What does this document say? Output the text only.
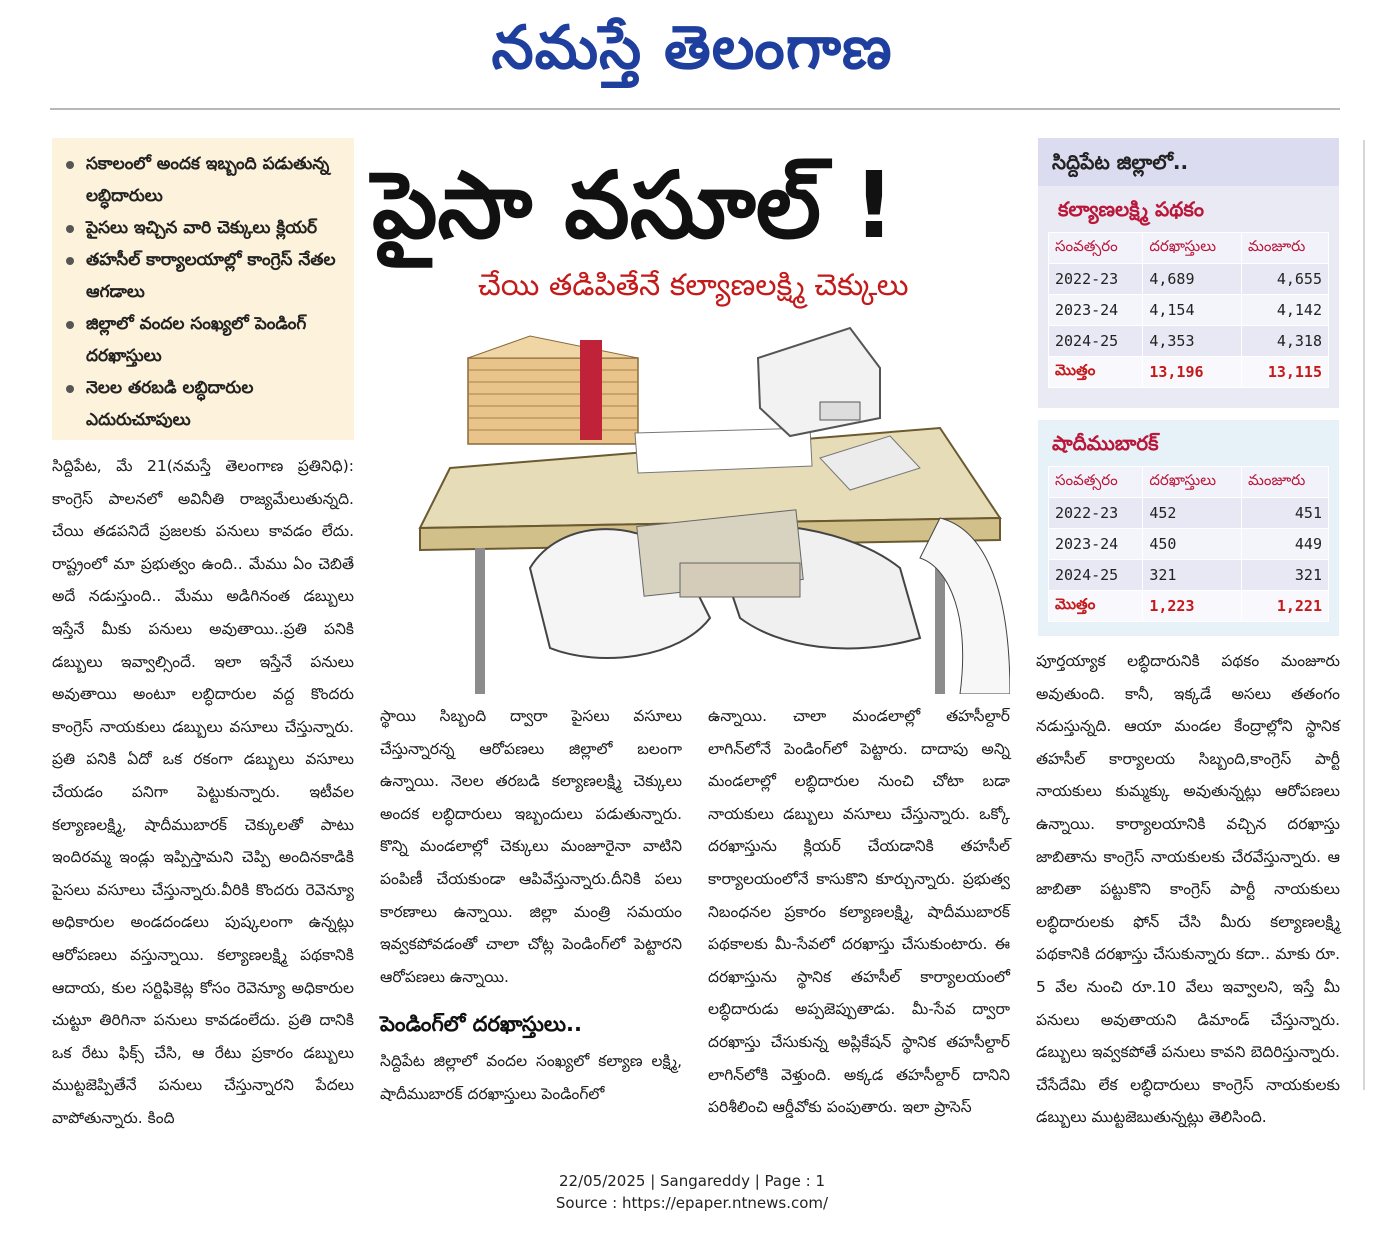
నమస్తే తెలంగాణ
సకాలంలో అందక ఇబ్బంది పడుతున్న లబ్ధిదారులు
పైసలు ఇచ్చిన వారి చెక్కులు క్లియర్
తహసీల్ కార్యాలయాల్లో కాంగ్రెస్ నేతల ఆగడాలు
జిల్లాలో వందల సంఖ్యలో పెండింగ్ దరఖాస్తులు
నెలల తరబడి లబ్ధిదారుల ఎదురుచూపులు
పైసా వసూల్ !
చేయి తడిపితేనే కల్యాణలక్ష్మి చెక్కులు

సిద్దిపేట, మే 21(నమస్తే తెలంగాణ ప్రతినిధి): కాంగ్రెస్ పాలనలో అవినీతి రాజ్యమేలుతున్నది. చేయి తడపనిదే ప్రజలకు పనులు కావడం లేదు. రాష్ట్రంలో మా ప్రభుత్వం ఉంది.. మేము ఏం చెబితే అదే నడుస్తుంది.. మేము అడిగినంత డబ్బులు ఇస్తేనే మీకు పనులు అవుతాయి..ప్రతి పనికి డబ్బులు ఇవ్వాల్సిందే. ఇలా ఇస్తేనే పనులు అవుతాయి అంటూ లబ్ధిదారుల వద్ద కొందరు కాంగ్రెస్ నాయకులు డబ్బులు వసూలు చేస్తున్నారు. ప్రతి పనికి ఏదో ఒక రకంగా డబ్బులు వసూలు చేయడం పనిగా పెట్టుకున్నారు. ఇటీవల కల్యాణలక్ష్మి, షాదీముబారక్ చెక్కులతో పాటు ఇందిరమ్మ ఇండ్లు ఇప్పిస్తామని చెప్పి అందినకాడికి పైసలు వసూలు చేస్తున్నారు.వీరికి కొందరు రెవెన్యూ అధికారుల అండదండలు పుష్కలంగా ఉన్నట్లు ఆరోపణలు వస్తున్నాయి. కల్యాణలక్ష్మి పథకానికి ఆదాయ, కుల సర్టిఫికెట్ల కోసం రెవెన్యూ అధికారుల చుట్టూ తిరిగినా పనులు కావడంలేదు. ప్రతి దానికి ఒక రేటు ఫిక్స్ చేసి, ఆ రేటు ప్రకారం డబ్బులు ముట్టజెప్పితేనే పనులు చేస్తున్నారని పేదలు వాపోతున్నారు. కింది

స్థాయి సిబ్బంది ద్వారా పైసలు వసూలు చేస్తున్నారన్న ఆరోపణలు జిల్లాలో బలంగా ఉన్నాయి. నెలల తరబడి కల్యాణలక్ష్మి చెక్కులు అందక లబ్ధిదారులు ఇబ్బందులు పడుతున్నారు. కొన్ని మండలాల్లో చెక్కులు మంజూరైనా వాటిని పంపిణీ చేయకుండా ఆపివేస్తున్నారు.దీనికి పలు కారణాలు ఉన్నాయి. జిల్లా మంత్రి సమయం ఇవ్వకపోవడంతో చాలా చోట్ల పెండింగ్‌లో పెట్టారని ఆరోపణలు ఉన్నాయి.

పెండింగ్‌లో దరఖాస్తులు..

సిద్దిపేట జిల్లాలో వందల సంఖ్యలో కల్యాణ లక్ష్మి, షాదీముబారక్ దరఖాస్తులు పెండింగ్‌లో

ఉన్నాయి. చాలా మండలాల్లో తహసీల్దార్ లాగిన్‌లోనే పెండింగ్‌లో పెట్టారు. దాదాపు అన్ని మండలాల్లో లబ్ధిదారుల నుంచి చోటా బడా నాయకులు డబ్బులు వసూలు చేస్తున్నారు. ఒక్కో దరఖాస్తును క్లియర్ చేయడానికి తహసీల్ కార్యాలయంలోనే కాసుకొని కూర్చున్నారు. ప్రభుత్వ నిబంధనల ప్రకారం కల్యాణలక్ష్మి, షాదీముబారక్ పథకాలకు మీ-సేవలో దరఖాస్తు చేసుకుంటారు. ఈ దరఖాస్తును స్థానిక తహసీల్ కార్యాలయంలో లబ్ధిదారుడు అప్పజెప్పుతాడు. మీ-సేవ ద్వారా దరఖాస్తు చేసుకున్న అప్లికేషన్ స్థానిక తహసీల్దార్ లాగిన్‌లోకి వెళ్తుంది. అక్కడ తహసీల్దార్ దానిని పరిశీలించి ఆర్డీవోకు పంపుతారు. ఇలా ప్రాసెస్

పూర్తయ్యాక లబ్ధిదారునికి పథకం మంజూరు అవుతుంది. కానీ, ఇక్కడే అసలు తతంగం నడుస్తున్నది. ఆయా మండల కేంద్రాల్లోని స్థానిక తహసీల్ కార్యాలయ సిబ్బంది,కాంగ్రెస్ పార్టీ నాయకులు కుమ్మక్కు అవుతున్నట్లు ఆరోపణలు ఉన్నాయి. కార్యాలయానికి వచ్చిన దరఖాస్తు జాబితాను కాంగ్రెస్ నాయకులకు చేరవేస్తున్నారు. ఆ జాబితా పట్టుకొని కాంగ్రెస్ పార్టీ నాయకులు లబ్ధిదారులకు ఫోన్ చేసి మీరు కల్యాణలక్ష్మి పథకానికి దరఖాస్తు చేసుకున్నారు కదా.. మాకు రూ. 5 వేల నుంచి రూ.10 వేలు ఇవ్వాలని, ఇస్తే మీ పనులు అవుతాయని డిమాండ్ చేస్తున్నారు. డబ్బులు ఇవ్వకపోతే పనులు కావని బెదిరిస్తున్నారు. చేసేదేమి లేక లబ్ధిదారులు కాంగ్రెస్ నాయకులకు డబ్బులు ముట్టజెబుతున్నట్లు తెలిసింది.

సిద్దిపేట జిల్లాలో..
కల్యాణలక్ష్మి పథకం
సంవత్సరం	దరఖాస్తులు	మంజూరు
2022-23	4,689	4,655
2023-24	4,154	4,142
2024-25	4,353	4,318
మొత్తం	13,196	13,115
షాదీముబారక్
సంవత్సరం	దరఖాస్తులు	మంజూరు
2022-23	452	451
2023-24	450	449
2024-25	321	321
మొత్తం	1,223	1,221
22/05/2025 | Sangareddy | Page : 1
Source : https://epaper.ntnews.com/
